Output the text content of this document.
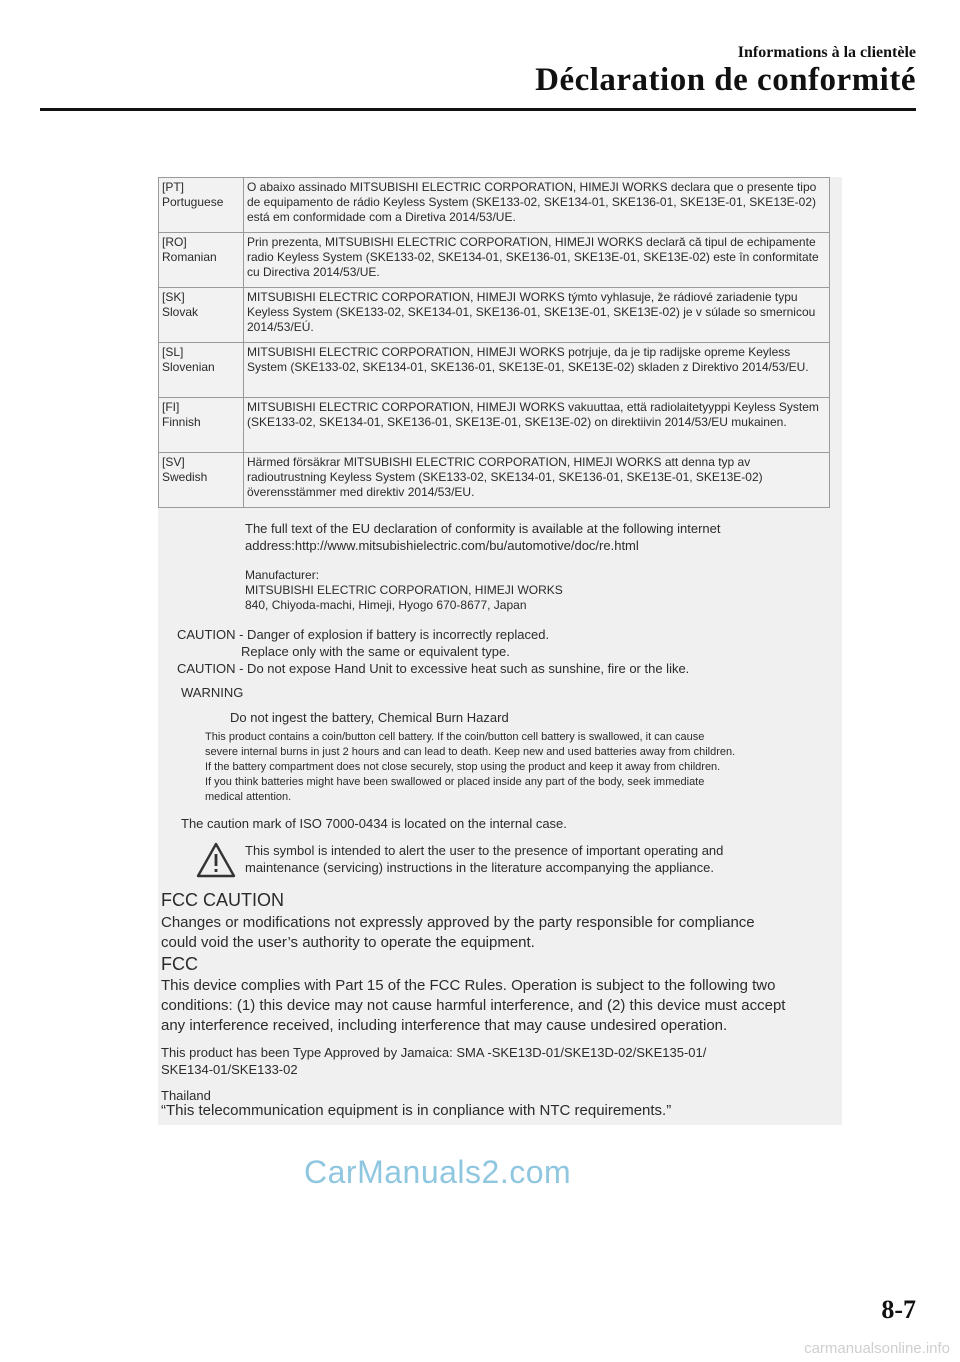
Informations à la clientèle
Déclaration de conformité
[PT]
Portuguese	O abaixo assinado MITSUBISHI ELECTRIC CORPORATION, HIMEJI WORKS declara que o presente tipo de equipamento de rádio Keyless System (SKE133-02, SKE134-01, SKE136-01, SKE13E-01, SKE13E-02) está em conformidade com a Diretiva 2014/53/UE.

[RO]
Romanian	Prin prezenta, MITSUBISHI ELECTRIC CORPORATION, HIMEJI WORKS declară că tipul de echipamente radio Keyless System (SKE133-02, SKE134-01, SKE136-01, SKE13E-01, SKE13E-02) este în conformitate cu Directiva 2014/53/UE.

[SK]
Slovak	MITSUBISHI ELECTRIC CORPORATION, HIMEJI WORKS týmto vyhlasuje, že rádiové zariadenie typu Keyless System (SKE133-02, SKE134-01, SKE136-01, SKE13E-01, SKE13E-02) je v súlade so smernicou 2014/53/EÚ.

[SL]
Slovenian	MITSUBISHI ELECTRIC CORPORATION, HIMEJI WORKS potrjuje, da je tip radijske opreme Keyless System (SKE133-02, SKE134-01, SKE136-01, SKE13E-01, SKE13E-02) skladen z Direktivo 2014/53/EU.

[FI]
Finnish	MITSUBISHI ELECTRIC CORPORATION, HIMEJI WORKS vakuuttaa, että radiolaitetyyppi Keyless System (SKE133-02, SKE134-01, SKE136-01, SKE13E-01, SKE13E-02) on direktiivin 2014/53/EU mukainen.

[SV]
Swedish	Härmed försäkrar MITSUBISHI ELECTRIC CORPORATION, HIMEJI WORKS att denna typ av radioutrustning Keyless System (SKE133-02, SKE134-01, SKE136-01, SKE13E-01, SKE13E-02) överensstämmer med direktiv 2014/53/EU.
The full text of the EU declaration of conformity is available at the following internet
address:http://www.mitsubishielectric.com/bu/automotive/doc/re.html
Manufacturer:
MITSUBISHI ELECTRIC CORPORATION, HIMEJI WORKS
840, Chiyoda-machi, Himeji, Hyogo 670-8677, Japan
CAUTION - Danger of explosion if battery is incorrectly replaced.
Replace only with the same or equivalent type.
CAUTION - Do not expose Hand Unit to excessive heat such as sunshine, fire or the like.
WARNING
Do not ingest the battery, Chemical Burn Hazard
This product contains a coin/button cell battery. If the coin/button cell battery is swallowed, it can cause
severe internal burns in just 2 hours and can lead to death. Keep new and used batteries away from children.
If the battery compartment does not close securely, stop using the product and keep it away from children.
If you think batteries might have been swallowed or placed inside any part of the body, seek immediate
medical attention.
The caution mark of ISO 7000-0434 is located on the internal case.
This symbol is intended to alert the user to the presence of important operating and
maintenance (servicing) instructions in the literature accompanying the appliance.
FCC CAUTION
Changes or modifications not expressly approved by the party responsible for compliance
could void the user’s authority to operate the equipment.
FCC
This device complies with Part 15 of the FCC Rules. Operation is subject to the following two
conditions: (1) this device may not cause harmful interference, and (2) this device must accept
any interference received, including interference that may cause undesired operation.
This product has been Type Approved by Jamaica: SMA -SKE13D-01/SKE13D-02/SKE135-01/
SKE134-01/SKE133-02
Thailand
“This telecommunication equipment is in conpliance with NTC requirements.”
CarManuals2.com
8-7
carmanualsonline.info
